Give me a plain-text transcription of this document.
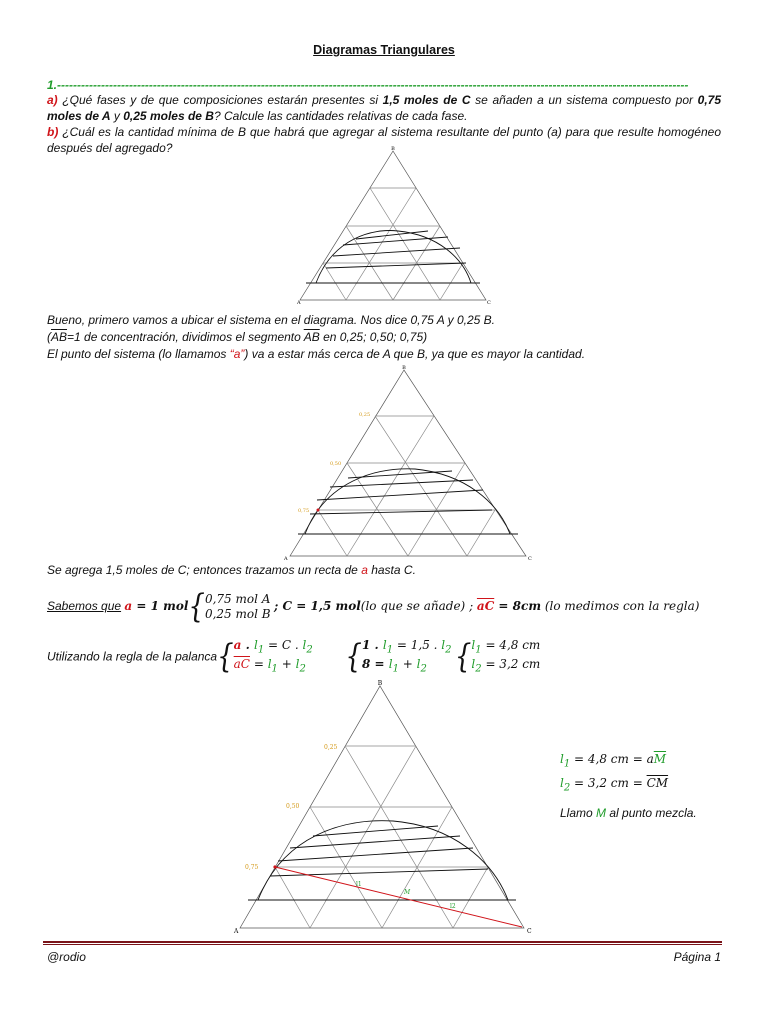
Diagramas Triangulares
1.--------------------------------------------------------------------------------------------------------------------------------------------------------------
a) ¿Qué fases y de que composiciones estarán presentes si 1,5 moles de C se añaden a un sistema compuesto por 0,75 moles de A y 0,25 moles de B? Calcule las cantidades relativas de cada fase.
b) ¿Cuál es la cantidad mínima de B que habrá que agregar al sistema resultante del punto (a) para que resulte homogéneo después del agregado?	B
A	C
Bueno, primero vamos a ubicar el sistema en el diagrama. Nos dice 0,75 A y 0,25 B.
($\overline{AB}=1$ de concentración, dividimos el segmento $\overline{AB}$ en 0,25; 0,50; 0,75)
El punto del sistema (lo llamamos “a”) va a estar más cerca de A que B, ya que es mayor la cantidad.
0,25
0,50
0,75
B
A	C
Se agrega 1,5 moles de C; entonces trazamos un recta de a hasta C.
Sabemos que a = 1 mol{0,75 mol A
0,25 mol B ; C = 1,5 mol(lo que se añade) ; $\overline{aC} = 8cm$ (lo medimos con la regla)
Utilizando la regla de la palanca{a . $l_1 = C$ . $l_2$
$\overline{aC} = l_1 + l_2$ {1 . $l_1 = 1,5$ . $l_2$
$8 = l_1 + l_2$ {$l_1 = 4,8$ cm
$l_2 = 3,2$ cm
0,25
0,50
0,75
l1
M
l2
B
A	C
$l_1 = 4,8$ cm = $a\overline{M}$
$l_2 = 3,2$ cm = $\overline{CM}$
Llamo M al punto mezcla.
@rodio	Página 1
